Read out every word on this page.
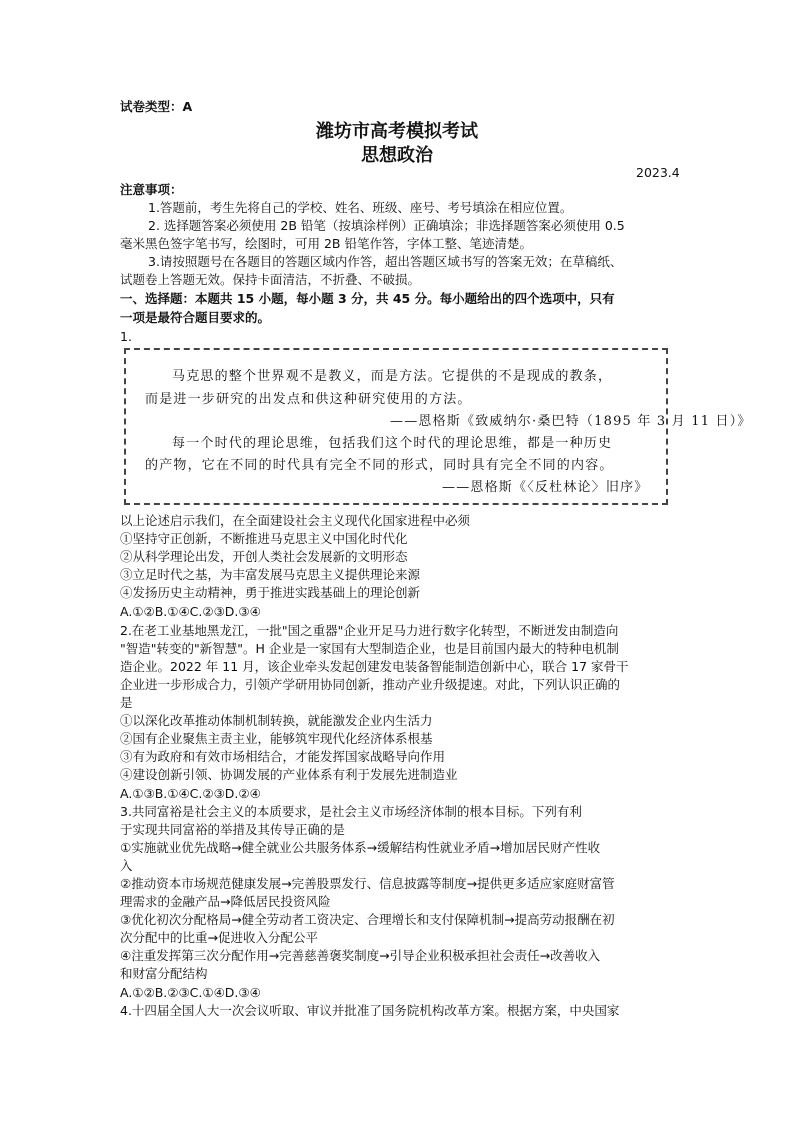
试卷类型：A
潍坊市高考模拟考试
思想政治
2023.4
注意事项：
1.答题前，考生先将自己的学校、姓名、班级、座号、考号填涂在相应位置。
2. 选择题答案必须使用 2B 铅笔（按填涂样例）正确填涂；非选择题答案必须使用 0.5
毫米黑色签字笔书写，绘图时，可用 2B 铅笔作答，字体工整、笔迹清楚。
3.请按照题号在各题目的答题区域内作答，超出答题区域书写的答案无效；在草稿纸、
试题卷上答题无效。保持卡面清洁，不折叠、不破损。
一、选择题：本题共 15 小题，每小题 3 分，共 45 分。每小题给出的四个选项中，只有
一项是最符合题目要求的。
1.
马克思的整个世界观不是教义，而是方法。它提供的不是现成的教条，
而是进一步研究的出发点和供这种研究使用的方法。
——恩格斯《致威纳尔·桑巴特（1895 年 3 月 11 日）》
每一个时代的理论思维，包括我们这个时代的理论思维，都是一种历史
的产物，它在不同的时代具有完全不同的形式，同时具有完全不同的内容。
——恩格斯《〈反杜林论〉旧序》
以上论述启示我们，在全面建设社会主义现代化国家进程中必须
①坚持守正创新，不断推进马克思主义中国化时代化
②从科学理论出发，开创人类社会发展新的文明形态
③立足时代之基，为丰富发展马克思主义提供理论来源
④发扬历史主动精神，勇于推进实践基础上的理论创新
A.①②B.①④C.②③D.③④
2.在老工业基地黑龙江，一批"国之重器"企业开足马力进行数字化转型，不断迸发由制造向
"智造"转变的"新智慧"。H 企业是一家国有大型制造企业，也是目前国内最大的特种电机制
造企业。2022 年 11 月，该企业牵头发起创建发电装备智能制造创新中心，联合 17 家骨干
企业进一步形成合力，引领产学研用协同创新，推动产业升级提速。对此，下列认识正确的
是
①以深化改革推动体制机制转换，就能激发企业内生活力
②国有企业聚焦主责主业，能够筑牢现代化经济体系根基
③有为政府和有效市场相结合，才能发挥国家战略导向作用
④建设创新引领、协调发展的产业体系有利于发展先进制造业
A.①③B.①④C.②③D.②④
3.共同富裕是社会主义的本质要求，是社会主义市场经济体制的根本目标。下列有利
于实现共同富裕的举措及其传导正确的是
①实施就业优先战略→健全就业公共服务体系→缓解结构性就业矛盾→增加居民财产性收
入
②推动资本市场规范健康发展→完善股票发行、信息披露等制度→提供更多适应家庭财富管
理需求的金融产品→降低居民投资风险
③优化初次分配格局→健全劳动者工资决定、合理增长和支付保障机制→提高劳动报酬在初
次分配中的比重→促进收入分配公平
④注重发挥第三次分配作用→完善慈善褒奖制度→引导企业积极承担社会责任→改善收入
和财富分配结构
A.①②B.②③C.①④D.③④
4.十四届全国人大一次会议听取、审议并批准了国务院机构改革方案。根据方案，中央国家
